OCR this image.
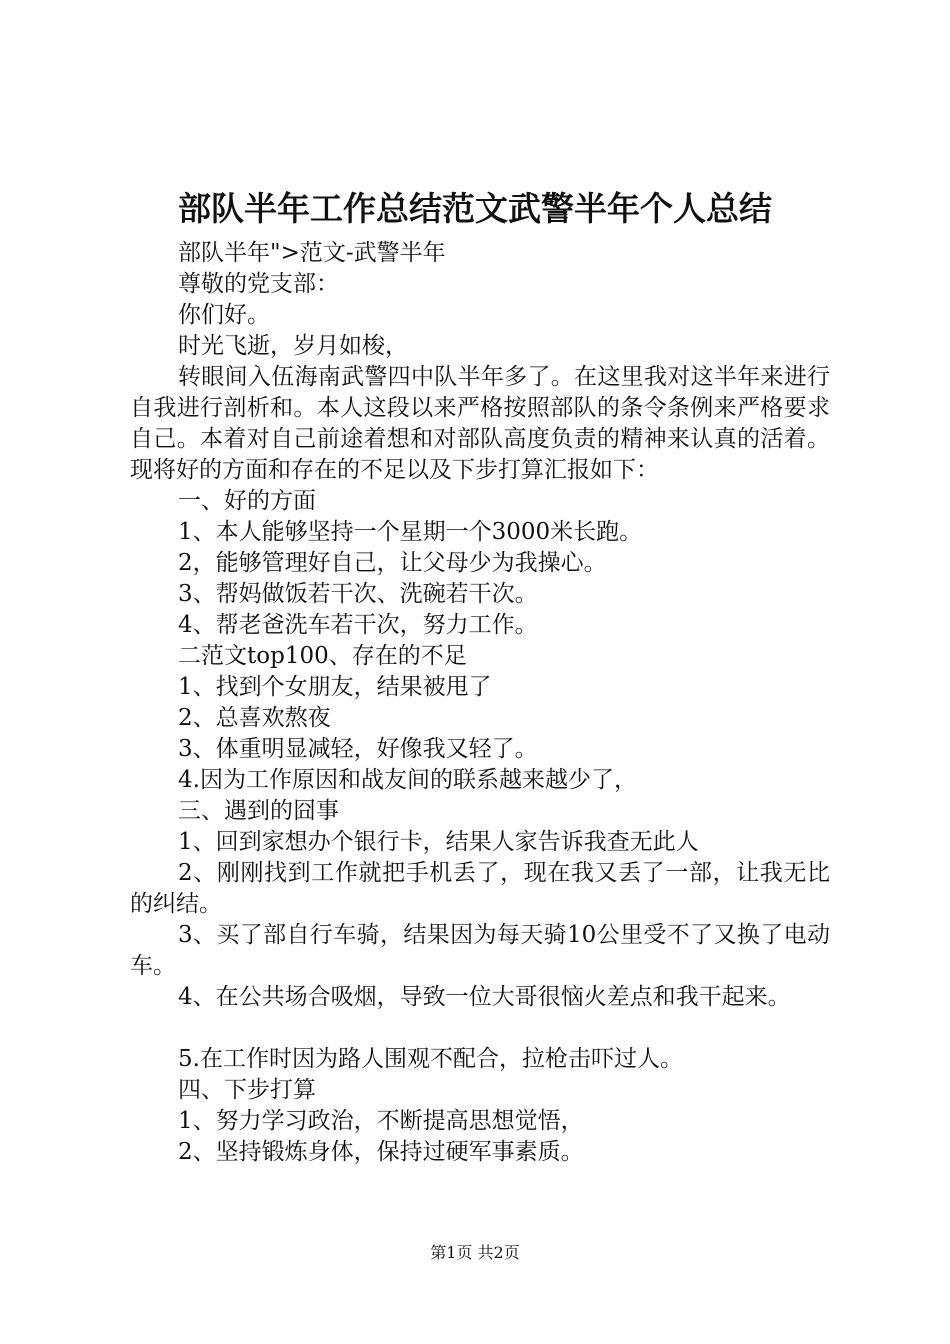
部队半年工作总结范文武警半年个人总结

部队半年">范文-武警半年

尊敬的党支部：

你们好。

时光飞逝，岁月如梭，

转眼间入伍海南武警四中队半年多了。在这里我对这半年来进行自我进行剖析和。本人这段以来严格按照部队的条令条例来严格要求自己。本着对自己前途着想和对部队高度负责的精神来认真的活着。现将好的方面和存在的不足以及下步打算汇报如下：

一、好的方面

1、本人能够坚持一个星期一个3000米长跑。

2，能够管理好自己，让父母少为我操心。

3、帮妈做饭若干次、洗碗若干次。

4、帮老爸洗车若干次，努力工作。

二范文top100、存在的不足

1、找到个女朋友，结果被甩了

2、总喜欢熬夜

3、体重明显减轻，好像我又轻了。

4.因为工作原因和战友间的联系越来越少了，

三、遇到的囧事

1、回到家想办个银行卡，结果人家告诉我查无此人

2、刚刚找到工作就把手机丢了，现在我又丢了一部，让我无比的纠结。

3、买了部自行车骑，结果因为每天骑10公里受不了又换了电动车。

4、在公共场合吸烟，导致一位大哥很恼火差点和我干起来。

5.在工作时因为路人围观不配合，拉枪击吓过人。

四、下步打算

1、努力学习政治，不断提高思想觉悟，

2、坚持锻炼身体，保持过硬军事素质。

第1页 共2页
